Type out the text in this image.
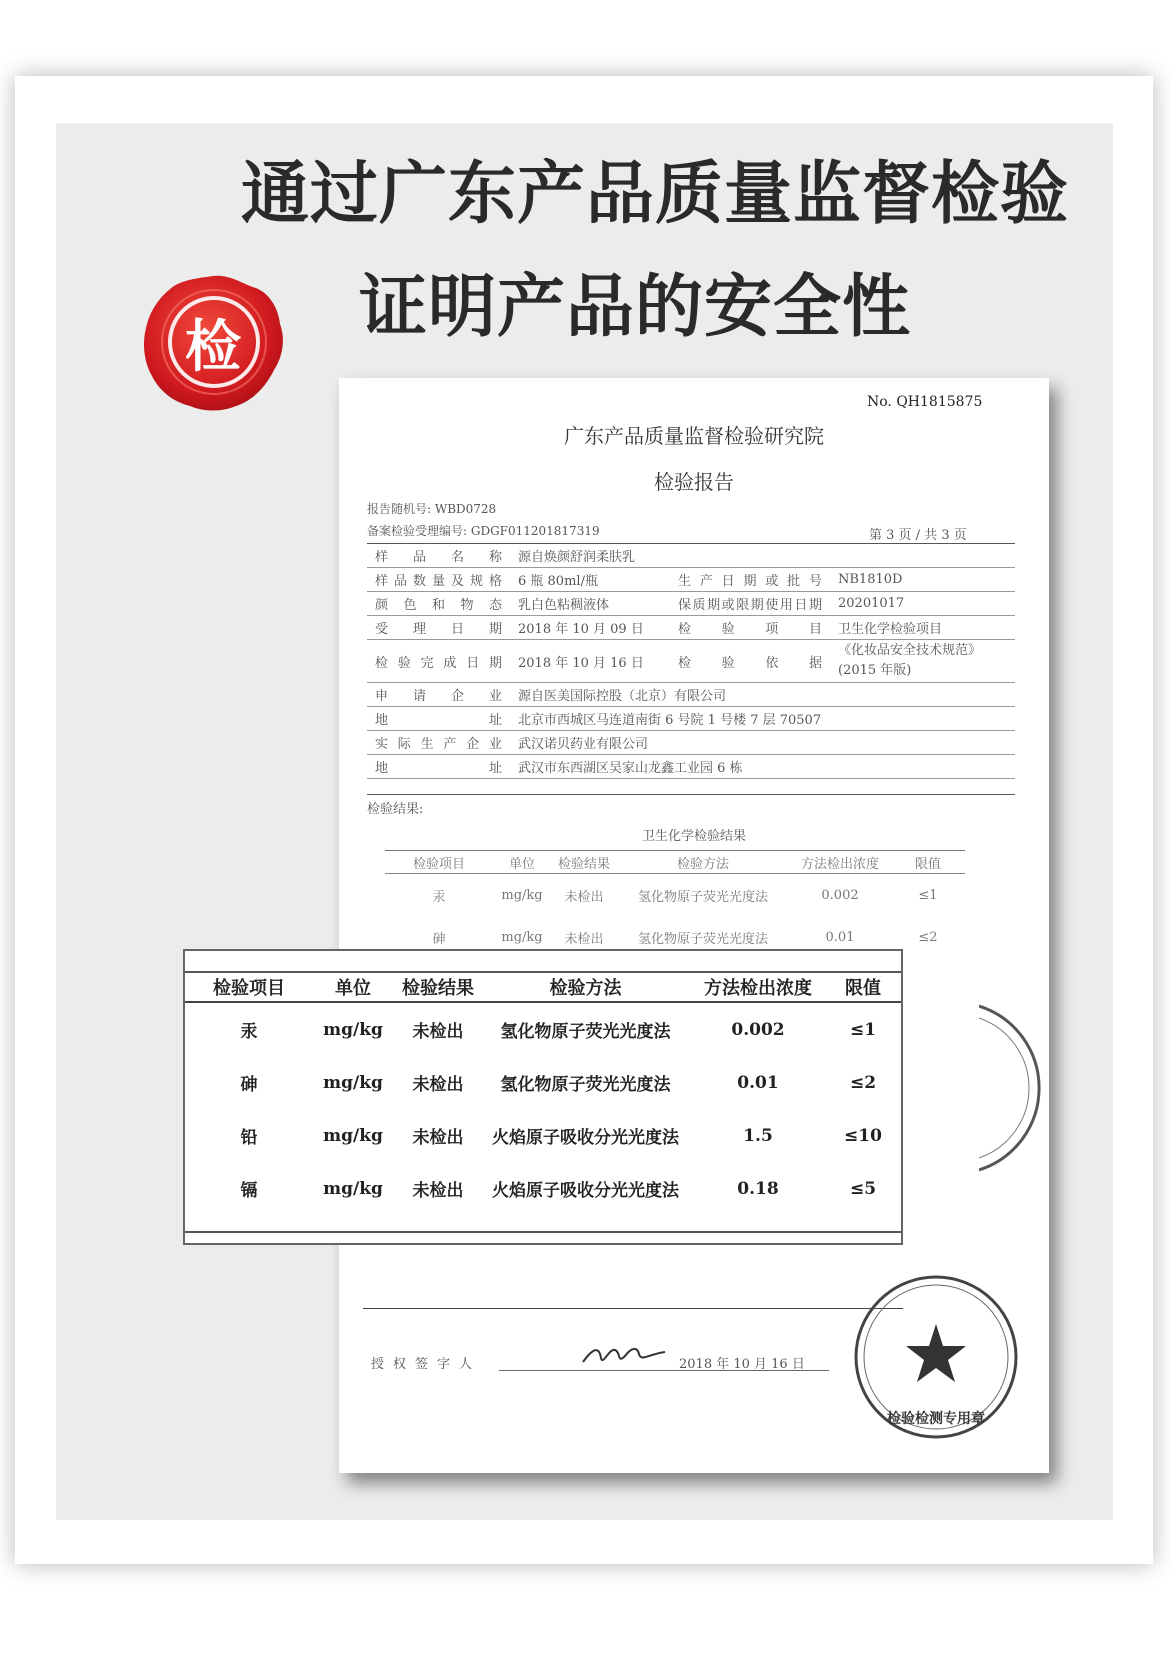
通过广东产品质量监督检验
证明产品的安全性
检
No. QH1815875
广东产品质量监督检验研究院
检验报告
报告随机号: WBD0728
备案检验受理编号: GDGF011201817319	第 3 页 / 共 3 页
样品名称	源自焕颜舒润柔肤乳
样品数量及规格	6 瓶 80ml/瓶	生产日期或批号	NB1810D
颜色和物态	乳白色粘稠液体	保质期或限期使用日期	20201017
受理日期	2018 年 10 月 09 日	检验项目	卫生化学检验项目
检验完成日期	2018 年 10 月 16 日	检验依据
《化妆品安全技术规范》
(2015 年版)
申请企业	源自医美国际控股（北京）有限公司
地址	北京市西城区马连道南街 6 号院 1 号楼 7 层 70507
实际生产企业	武汉诺贝药业有限公司
地址	武汉市东西湖区吴家山龙鑫工业园 6 栋
检验结果:
卫生化学检验结果
检验项目	单位	检验结果	检验方法	方法检出浓度	限值
汞	mg/kg	未检出	氢化物原子荧光光度法	0.002	≤1
砷	mg/kg	未检出	氢化物原子荧光光度法	0.01	≤2
授权签字人	2018 年 10 月 16 日
检验检测专用章
检验项目	单位	检验结果	检验方法	方法检出浓度	限值
汞	mg/kg	未检出	氢化物原子荧光光度法	0.002	≤1
砷	mg/kg	未检出	氢化物原子荧光光度法	0.01	≤2
铅	mg/kg	未检出	火焰原子吸收分光光度法	1.5	≤10
镉	mg/kg	未检出	火焰原子吸收分光光度法	0.18	≤5
